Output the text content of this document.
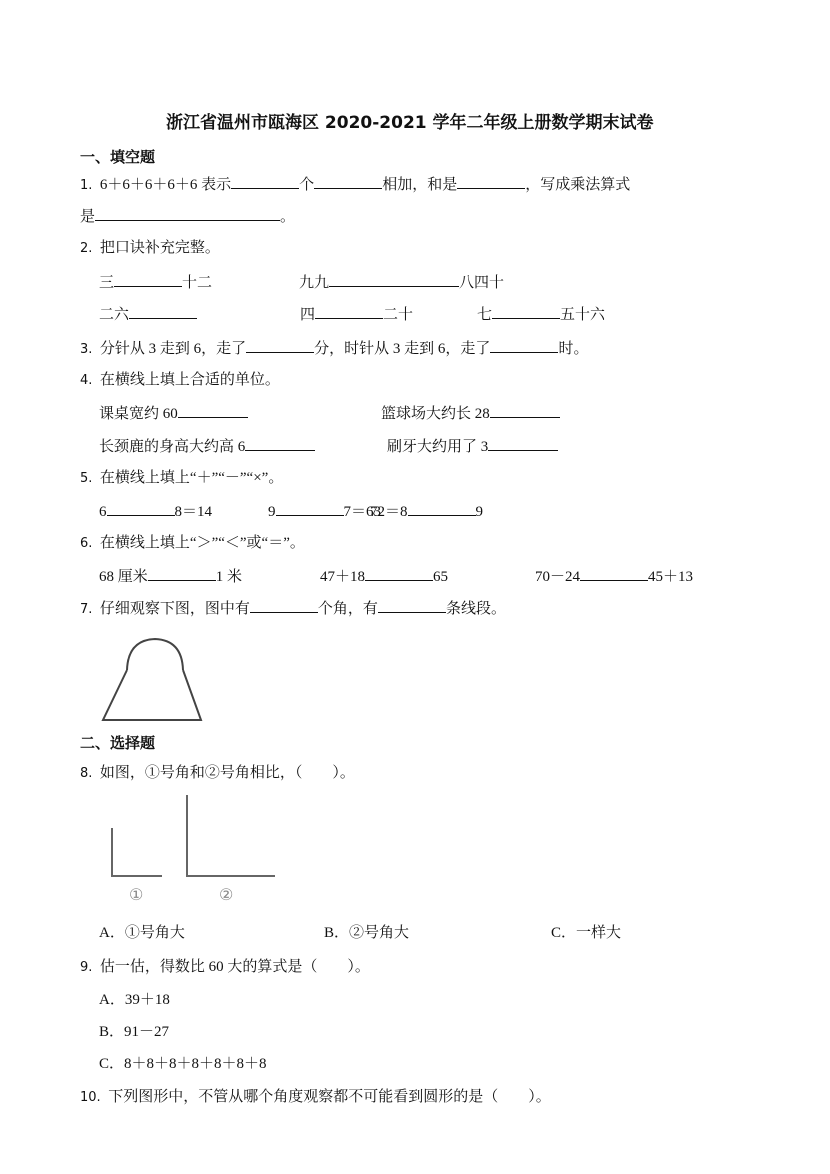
浙江省温州市瓯海区 2020-2021 学年二年级上册数学期末试卷
一、填空题
1. 6＋6＋6＋6＋6 表示	个	相加，和是	，写成乘法算式
是	。
2. 把口诀补充完整。
三	十二	九九	八四十
二六	四	二十	七	五十六
3. 分针从 3 走到 6，走了	分，时针从 3 走到 6，走了	时。
4. 在横线上填上合适的单位。
课桌宽约 60	篮球场大约长 28
长颈鹿的身高大约高 6	刷牙大约用了 3
5. 在横线上填上“＋”“－”“×”。
6	8＝14	9	7＝63
72＝8	9
6. 在横线上填上“＞”“＜”或“＝”。
68 厘米	1 米	47＋18	65	70－24	45＋13
7. 仔细观察下图，图中有	个角，有	条线段。
①	②
二、选择题
8. 如图，①号角和②号角相比，（　　）。
A．①号角大	B．②号角大	C．一样大
9. 估一估，得数比 60 大的算式是（　　）。
A．39＋18
B．91－27
C．8＋8＋8＋8＋8＋8＋8
10. 下列图形中，不管从哪个角度观察都不可能看到圆形的是（　　）。
